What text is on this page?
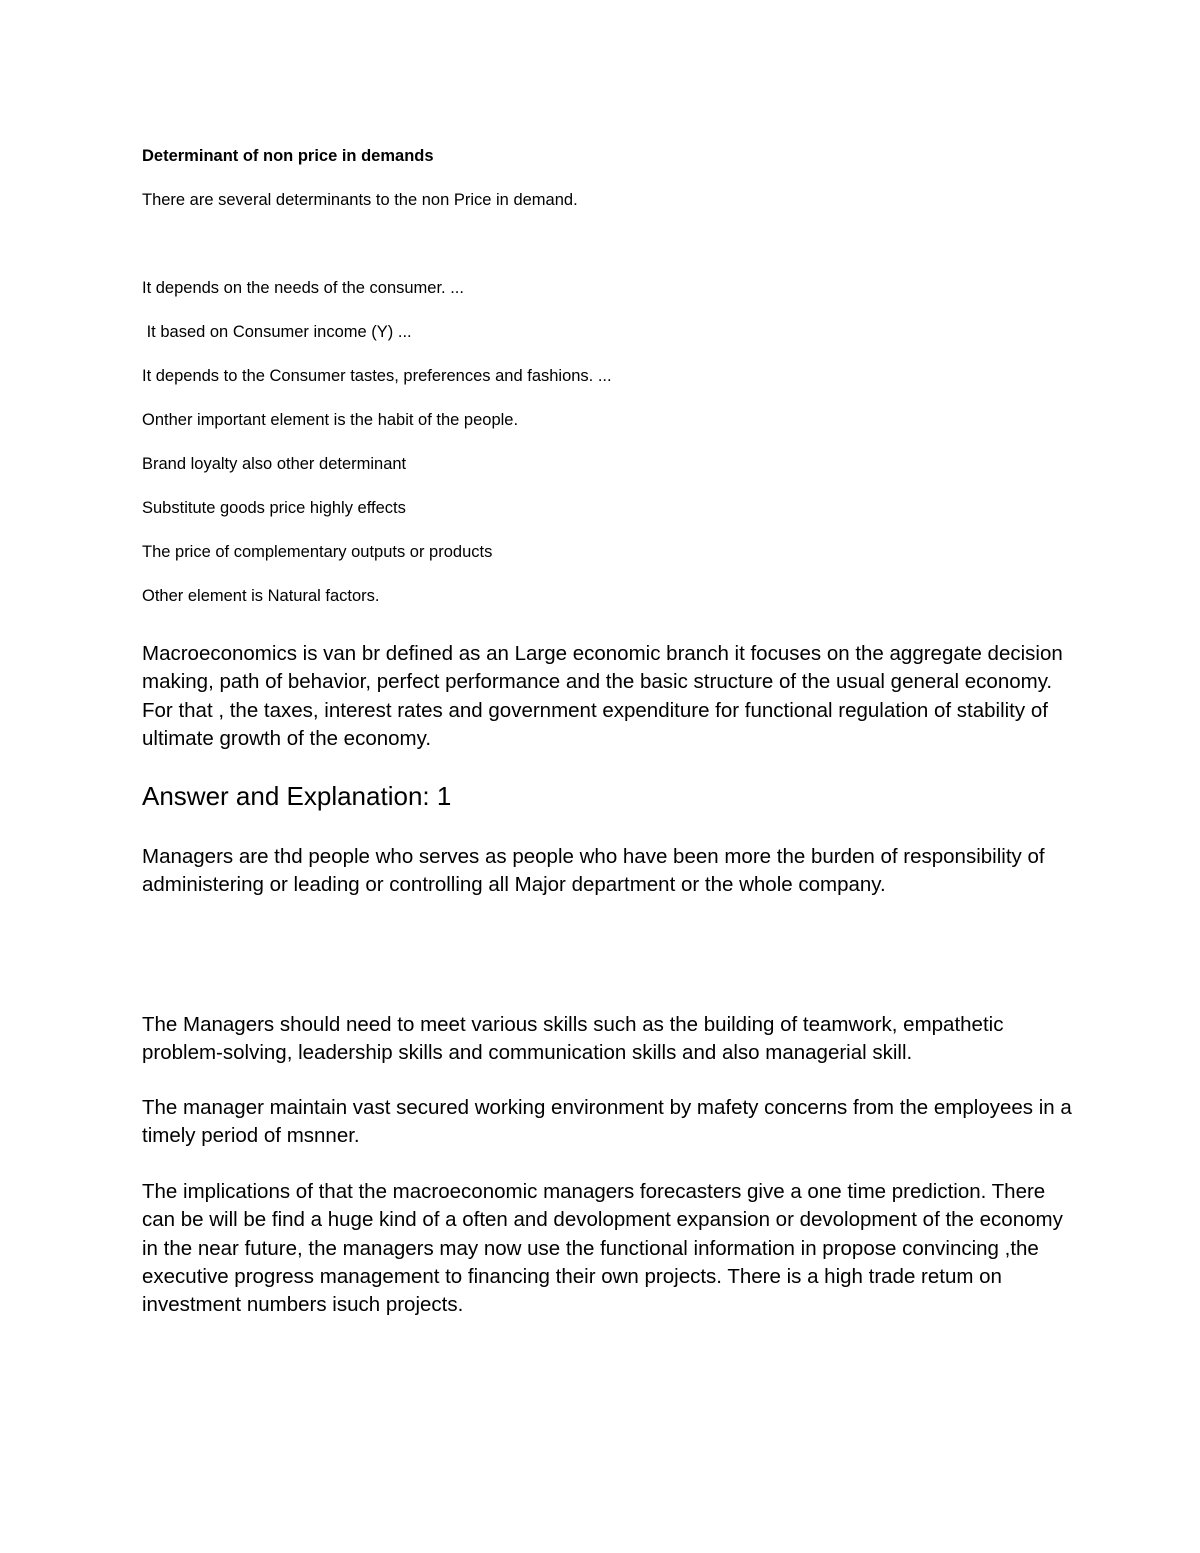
Determinant of non price in demands

There are several determinants to the non Price in demand.

It depends on the needs of the consumer. ...

It based on Consumer income (Y) ...

It depends to the Consumer tastes, preferences and fashions. ...

Onther important element is the habit of the people.

Brand loyalty also other determinant

Substitute goods price highly effects

The price of complementary outputs or products

Other element is Natural factors.

Macroeconomics is van br defined as an Large economic branch it focuses on the aggregate decision making, path of behavior, perfect performance and the basic structure of the usual general economy. For that , the taxes, interest rates and government expenditure for functional regulation of stability of ultimate growth of the economy.

Answer and Explanation: 1

Managers are thd people who serves as people who have been more the burden of responsibility of administering or leading or controlling all Major department or the whole company.

The Managers should need to meet various skills such as the building of teamwork, empathetic problem-solving, leadership skills and communication skills and also managerial skill.

The manager maintain vast secured working environment by mafety concerns from the employees in a timely period of msnner.

The implications of that the macroeconomic managers forecasters give a one time prediction. There can be will be find a huge kind of a often and devolopment expansion or devolopment of the economy in the near future, the managers may now use the functional information in propose convincing ,the executive progress management to financing their own projects. There is a high trade retum on investment numbers isuch projects.
